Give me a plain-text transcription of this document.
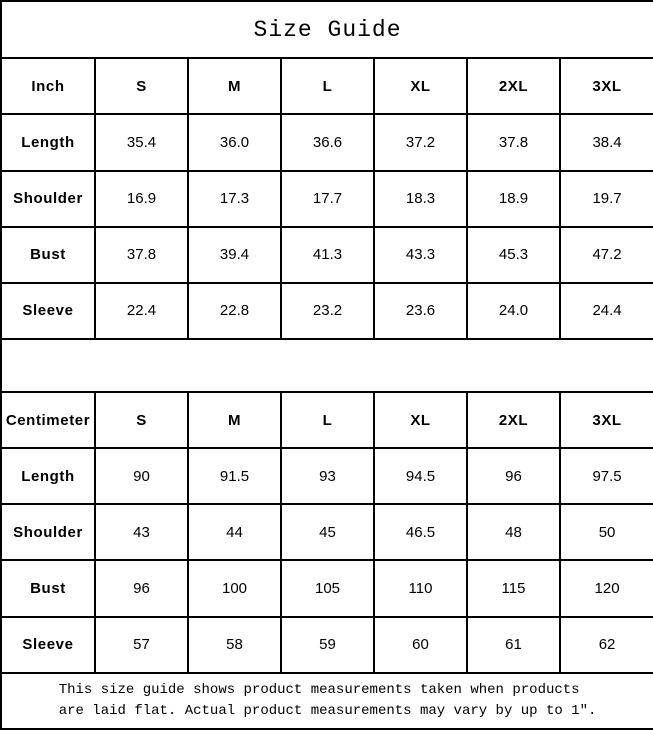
Size Guide						
Inch	S	M	L	XL	2XL	3XL
Length	35.4	36.0	36.6	37.2	37.8	38.4
Shoulder	16.9	17.3	17.7	18.3	18.9	19.7
Bust	37.8	39.4	41.3	43.3	45.3	47.2
Sleeve	22.4	22.8	23.2	23.6	24.0	24.4

Centimeter	S	M	L	XL	2XL	3XL
Length	90	91.5	93	94.5	96	97.5
Shoulder	43	44	45	46.5	48	50
Bust	96	100	105	110	115	120
Sleeve	57	58	59	60	61	62
This size guide shows product measurements taken when products
are laid flat. Actual product measurements may vary by up to 1″.						
